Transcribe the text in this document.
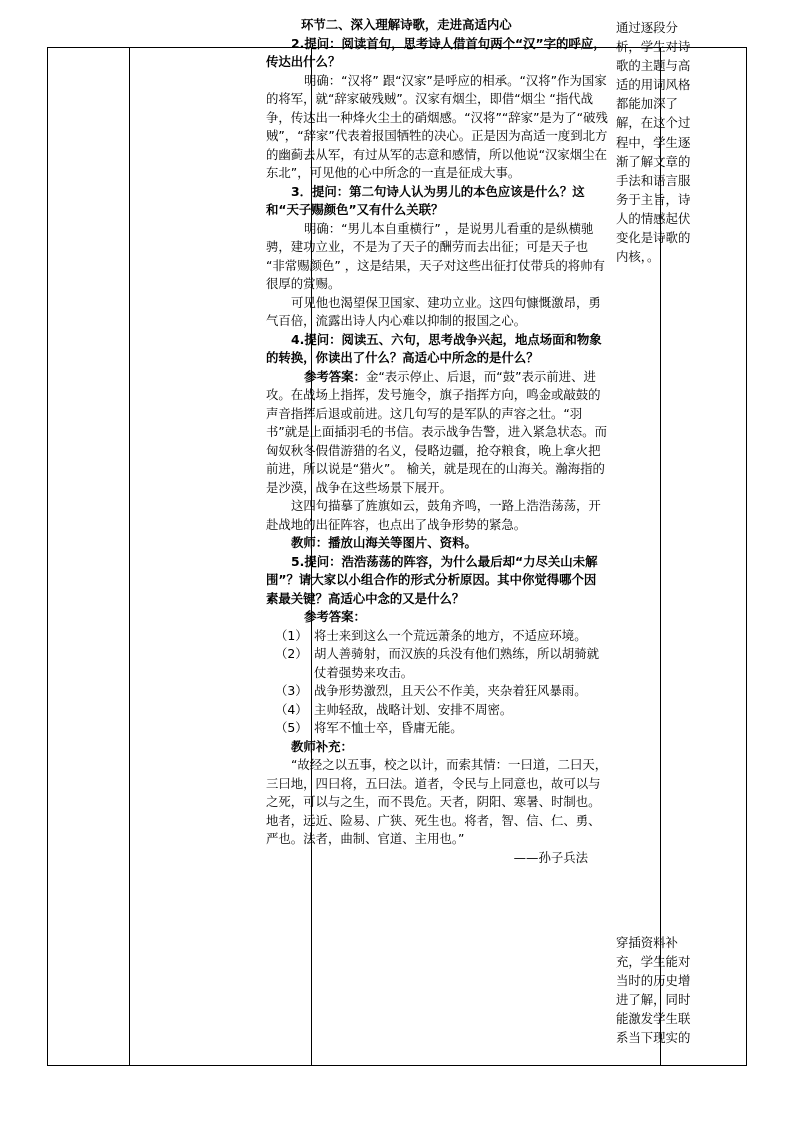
环节二、深入理解诗歌，走进高适内心

2.提问：阅读首句，思考诗人借首句两个“汉”字的呼应，传达出什么？

明确：“汉将” 跟“汉家”是呼应的相承。“汉将”作为国家的将军，就“辞家破残贼”。汉家有烟尘，即借“烟尘 “指代战争，传达出一种烽火尘土的硝烟感。“汉将”“辞家”是为了“破残贼”，“辞家”代表着报国牺牲的决心。正是因为高适一度到北方的幽蓟去从军，有过从军的志意和感情，所以他说“汉家烟尘在东北”，可见他的心中所念的一直是征成大事。

3．提问：第二句诗人认为男儿的本色应该是什么？这和“天子赐颜色”又有什么关联？

明确：“男儿本自重横行” ，是说男儿看重的是纵横驰骋，建功立业，不是为了天子的酬劳而去出征；可是天子也 “非常赐颜色” ，这是结果，天子对这些出征打仗带兵的将帅有很厚的赏赐。

可见他也渴望保卫国家、建功立业。这四句慷慨激昂，勇气百倍，流露出诗人内心难以抑制的报国之心。

4.提问：阅读五、六句，思考战争兴起，地点场面和物象的转换，你读出了什么？高适心中所念的是什么？

参考答案：金“表示停止、后退，而“鼓”表示前进、进攻。在战场上指挥，发号施令，旗子指挥方向，鸣金或敲鼓的声音指挥后退或前进。这几句写的是军队的声容之壮。“羽书”就是上面插羽毛的书信。表示战争告警，进入紧急状态。而匈奴秋冬假借游猎的名义，侵略边疆，抢夺粮食，晚上拿火把前进，所以说是“猎火”。 榆关，就是现在的山海关。瀚海指的是沙漠，战争在这些场景下展开。

这四句描摹了旌旗如云，鼓角齐鸣，一路上浩浩荡荡，开赴战地的出征阵容，也点出了战争形势的紧急。

教师：播放山海关等图片、资料。

5.提问：浩浩荡荡的阵容，为什么最后却“力尽关山未解围”？请大家以小组合作的形式分析原因。其中你觉得哪个因素最关键？高适心中念的又是什么？

参考答案：

（1） 将士来到这么一个荒远萧条的地方，不适应环境。

（2） 胡人善骑射，而汉族的兵没有他们熟练，所以胡骑就仗着强势来攻击。

（3） 战争形势激烈，且天公不作美，夹杂着狂风暴雨。

（4） 主帅轻敌，战略计划、安排不周密。

（5） 将军不恤士卒，昏庸无能。

教师补充：

“故经之以五事，校之以计，而索其情：一曰道，二曰天，三曰地，四曰将，五曰法。道者，令民与上同意也，故可以与之死，可以与之生，而不畏危。天者，阴阳、寒暑、时制也。地者，远近、险易、广狭、死生也。将者，智、信、仁、勇、严也。法者，曲制、官道、主用也。”

——孙子兵法

通过逐段分析，学生对诗歌的主题与高适的用词风格都能加深了解，在这个过程中，学生逐渐了解文章的手法和语言服务于主旨，诗人的情感起伏变化是诗歌的内核，。
穿插资料补充，学生能对当时的历史增进了解，同时能激发学生联系当下现实的
